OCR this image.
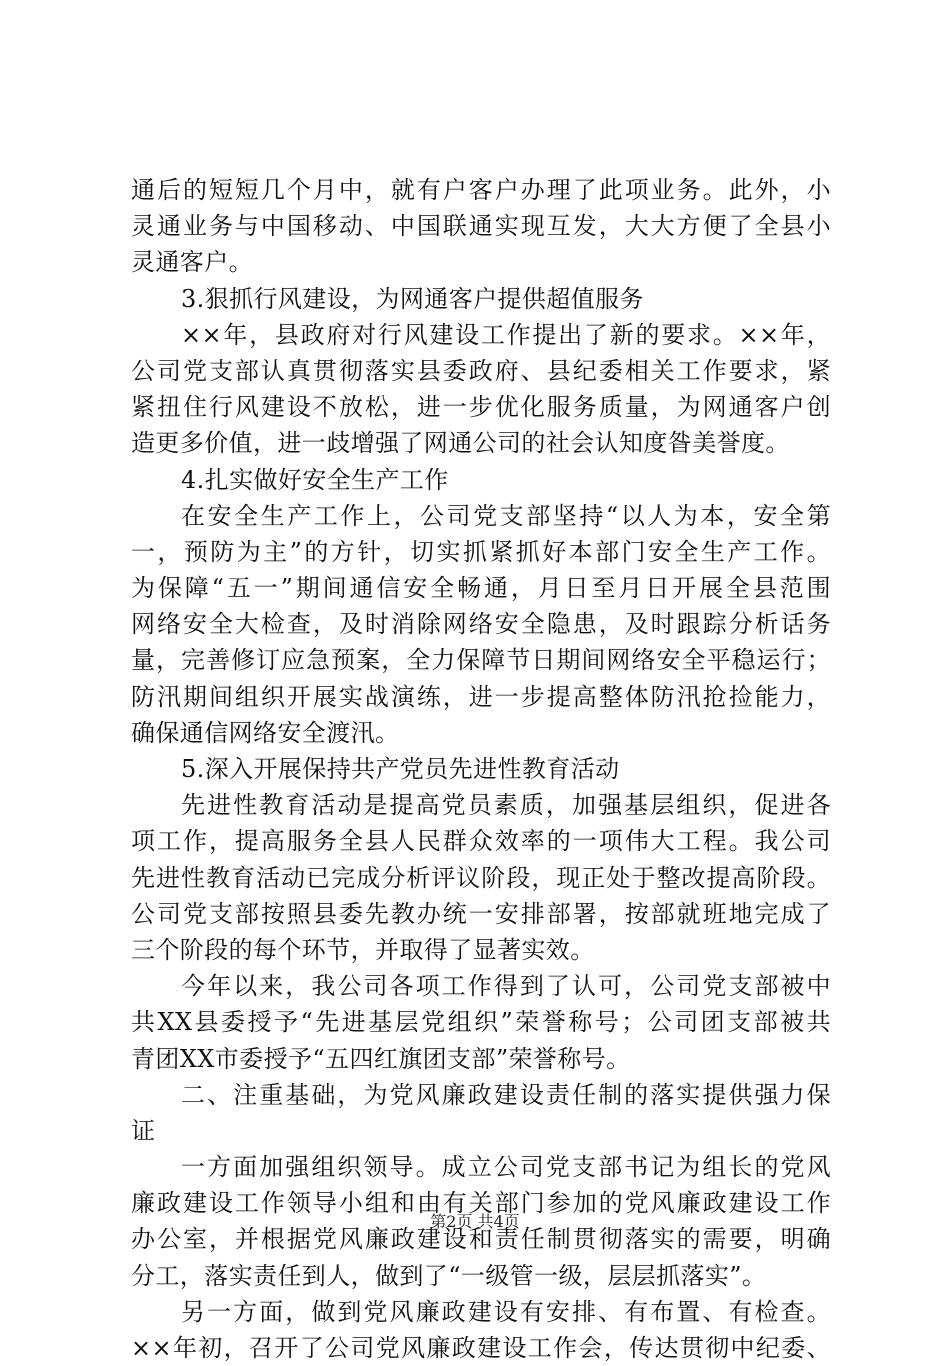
通后的短短几个月中，就有户客户办理了此项业务。此外，小
灵通业务与中国移动、中国联通实现互发，大大方便了全县小
灵通客户。
3.狠抓行风建设，为网通客户提供超值服务
××年，县政府对行风建设工作提出了新的要求。××年，
公司党支部认真贯彻落实县委政府、县纪委相关工作要求，紧
紧扭住行风建设不放松，进一步优化服务质量，为网通客户创
造更多价值，进一歧增强了网通公司的社会认知度昝美誉度。
4.扎实做好安全生产工作
在安全生产工作上，公司党支部坚持“以人为本，安全第
一，预防为主”的方针，切实抓紧抓好本部门安全生产工作。
为保障“五一”期间通信安全畅通，月日至月日开展全县范围
网络安全大检查，及时消除网络安全隐患，及时跟踪分析话务
量，完善修订应急预案，全力保障节日期间网络安全平稳运行；
防汛期间组织开展实战演练，进一步提高整体防汛抢捡能力，
确保通信网络安全渡汛。
5.深入开展保持共产党员先进性教育活动
先进性教育活动是提高党员素质，加强基层组织，促进各
项工作，提高服务全县人民群众效率的一项伟大工程。我公司
先进性教育活动已完成分析评议阶段，现正处于整改提高阶段。
公司党支部按照县委先教办统一安排部署，按部就班地完成了
三个阶段的每个环节，并取得了显著实效。
今年以来，我公司各项工作得到了认可，公司党支部被中
共XX县委授予“先进基层党组织”荣誉称号；公司团支部被共
青团XX市委授予“五四红旗团支部”荣誉称号。
二、注重基础，为党风廉政建设责任制的落实提供强力保
证
一方面加强组织领导。成立公司党支部书记为组长的党风
廉政建设工作领导小组和由有关部门参加的党风廉政建设工作
办公室，并根据党风廉政建设和责任制贯彻落实的需要，明确
分工，落实责任到人，做到了“一级管一级，层层抓落实”。
另一方面，做到党风廉政建设有安排、有布置、有检查。
××年初，召开了公司党风廉政建设工作会，传达贯彻中纪委、
第2页 共4页
